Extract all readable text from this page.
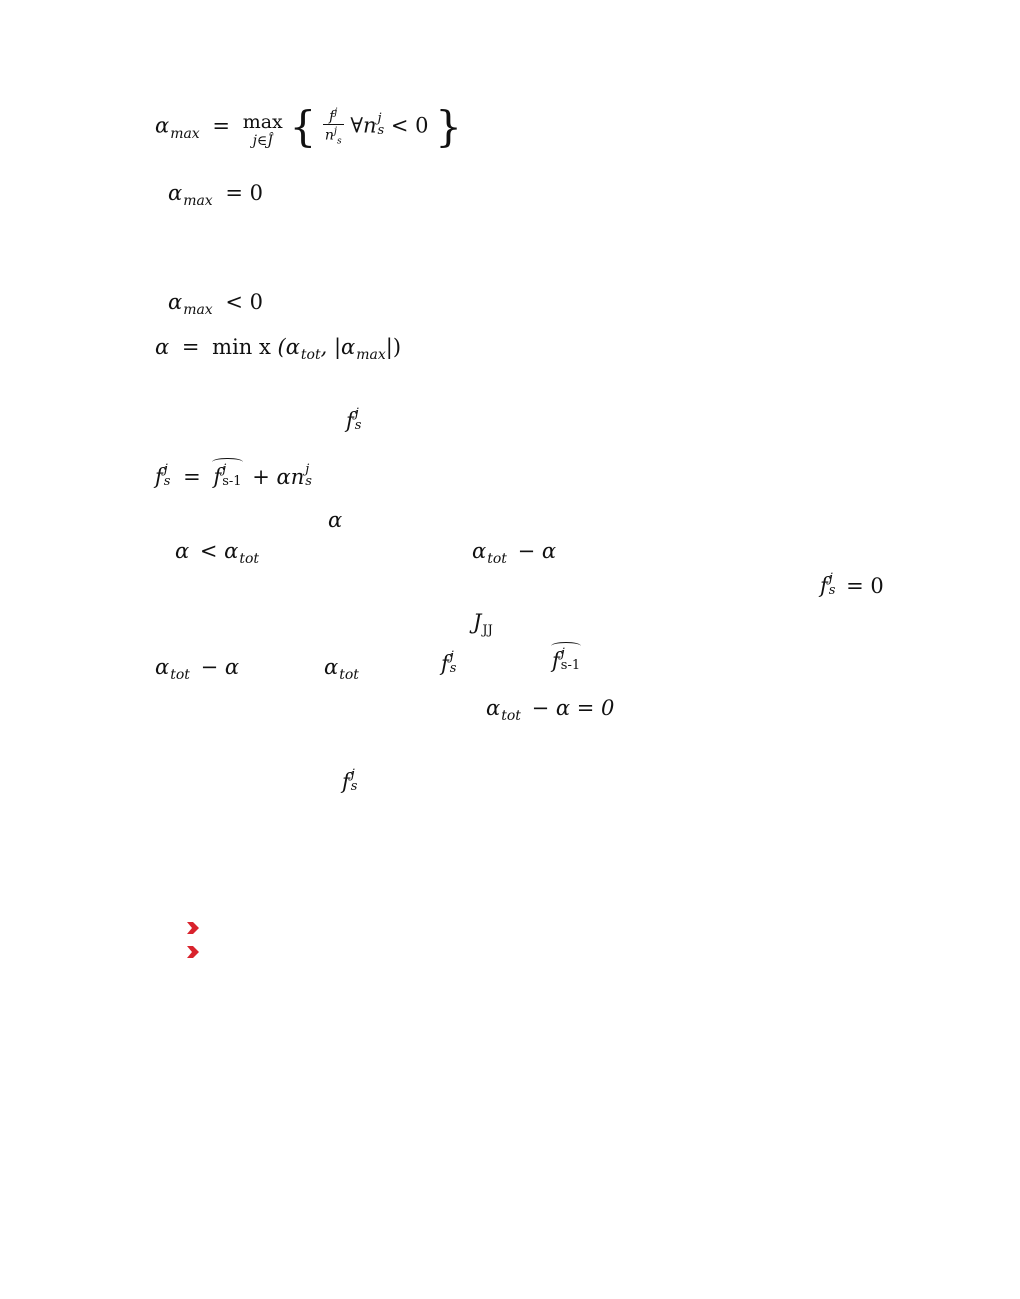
$\alpha_{max} = \max$
j∈Ĵ { $\frac{f^j}{n^j_s}$ ∀n j
s < 0 }
$\alpha_{max} = 0$
$\alpha_{max} < 0$
α = min x ($\alpha_{tot}$, $|\alpha_{max}|$)
f j
s
f j
s = f j
s-1 + αn j
s
α
$\alpha < \alpha_{tot}$	$\alpha_{tot} - \alpha$
f j
s = 0
$J_{JJ}$
$\alpha_{tot} - \alpha$	$\alpha_{tot}$	f j
s	f j
s-1
$\alpha_{tot} - \alpha = 0$
f j
s
